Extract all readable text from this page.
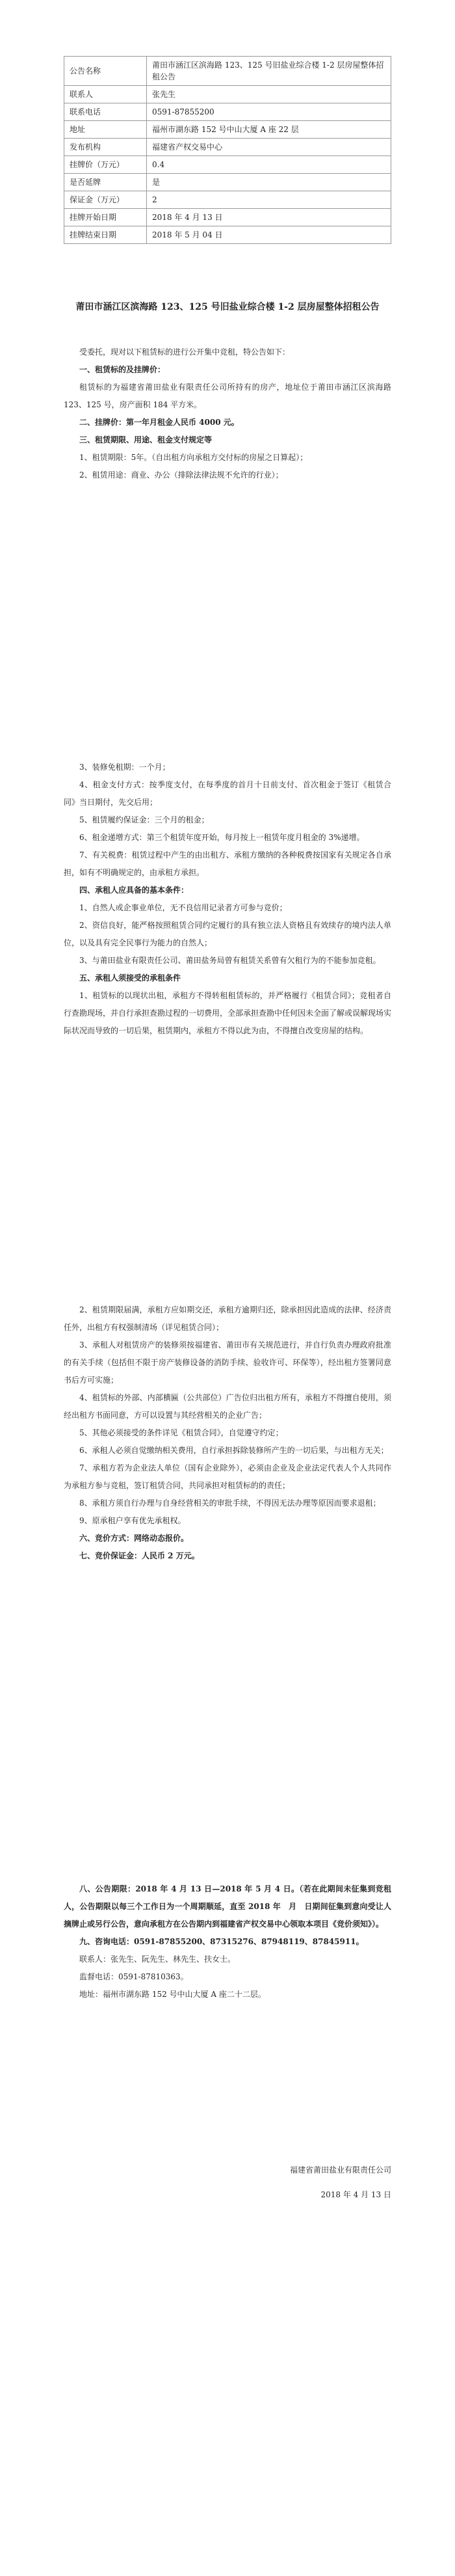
公告名称	莆田市涵江区滨海路 123、125 号旧盐业综合楼 1-2 层房屋整体招租公告
联系人	张先生
联系电话	0591-87855200
地址	福州市湖东路 152 号中山大厦 A 座 22 层
发布机构	福建省产权交易中心
挂牌价（万元）	0.4
是否延牌	是
保证金（万元）	2
挂牌开始日期	2018 年 4 月 13 日
挂牌结束日期	2018 年 5 月 04 日
莆田市涵江区滨海路 123、125 号旧盐业综合楼 1-2 层房屋整体招租公告

受委托，现对以下租赁标的进行公开集中竞租，特公告如下：

一、租赁标的及挂牌价：

租赁标的为福建省莆田盐业有限责任公司所持有的房产，地址位于莆田市涵江区滨海路 123、125 号，房产面积 184 平方米。

二、挂牌价：第一年月租金人民币 4000 元。

三、租赁期限、用途、租金支付规定等

1、租赁期限：5年。（自出租方向承租方交付标的房屋之日算起）；

2、租赁用途：商业、办公（排除法律法规不允许的行业）；

3、装修免租期：一个月；

4、租金支付方式：按季度支付，在每季度的首月十日前支付、首次租金于签订《租赁合同》当日期付，先交后用；

5、租赁履约保证金：三个月的租金；

6、租金递增方式：第三个租赁年度开始，每月按上一租赁年度月租金的 3%递增。

7、有关税费：租赁过程中产生的由出租方、承租方缴纳的各种税费按国家有关规定各自承担，如有不明确规定的，由承租方承担。

四、承租人应具备的基本条件：

1、自然人或企事业单位，无不良信用记录者方可参与竞价；

2、资信良好，能严格按照租赁合同约定履行的具有独立法人资格且有效续存的境内法人单位，以及具有完全民事行为能力的自然人；

3、与莆田盐业有限责任公司、莆田盐务局曾有租赁关系曾有欠租行为的不能参加竞租。

五、承租人须接受的承租条件

1、租赁标的以现状出租，承租方不得转租租赁标的，并严格履行《租赁合同》；竞租者自行查勘现场，并自行承担查勘过程的一切费用，全部承担查勘中任何因未全面了解或误解现场实际状况而导致的一切后果，租赁期内，承租方不得以此为由，不得擅自改变房屋的结构。

2、租赁期限届满，承租方应如期交还，承租方逾期归还，除承担因此造成的法律、经济责任外，出租方有权强制清场（详见租赁合同）；

3、承租人对租赁房产的装修须按福建省、莆田市有关规范进行，并自行负责办理政府批准的有关手续（包括但不限于房产装修设备的消防手续、验收许可、环保等），经出租方签署同意书后方可实施；

4、租赁标的外部、内部横匾（公共部位）广告位归出租方所有，承租方不得擅自使用，须经出租方书面同意，方可以设置与其经营相关的企业广告；

5、其他必须接受的条件详见《租赁合同》，自觉遵守约定；

6、承租人必须自觉缴纳相关费用，自行承担拆除装修所产生的一切后果，与出租方无关；

7、承租方若为企业法人单位（国有企业除外），必须由企业及企业法定代表人个人共同作为承租方参与竞租，签订租赁合同，共同承担对租赁标的的责任；

8、承租方须自行办理与自身经营相关的审批手续，不得因无法办理等原因而要求退租；

9、原承租户享有优先承租权。

六、竞价方式：网络动态报价。

七、竞价保证金：人民币 2 万元。

八、公告期限：2018 年 4 月 13 日—2018 年 5 月 4 日。（若在此期间未征集到竞租人，公告期限以每三个工作日为一个周期顺延，直至 2018 年　月　日期间征集到意向受让人摘牌止或另行公告，意向承租方在公告期内到福建省产权交易中心领取本项目《竞价须知》）。

九、咨询电话：0591-87855200、87315276、87948119、87845911。

联系人：张先生、阮先生、林先生、扶女士。

监督电话：0591-87810363。

地址：福州市湖东路 152 号中山大厦 A 座二十二层。

福建省莆田盐业有限责任公司
2018 年 4 月 13 日
